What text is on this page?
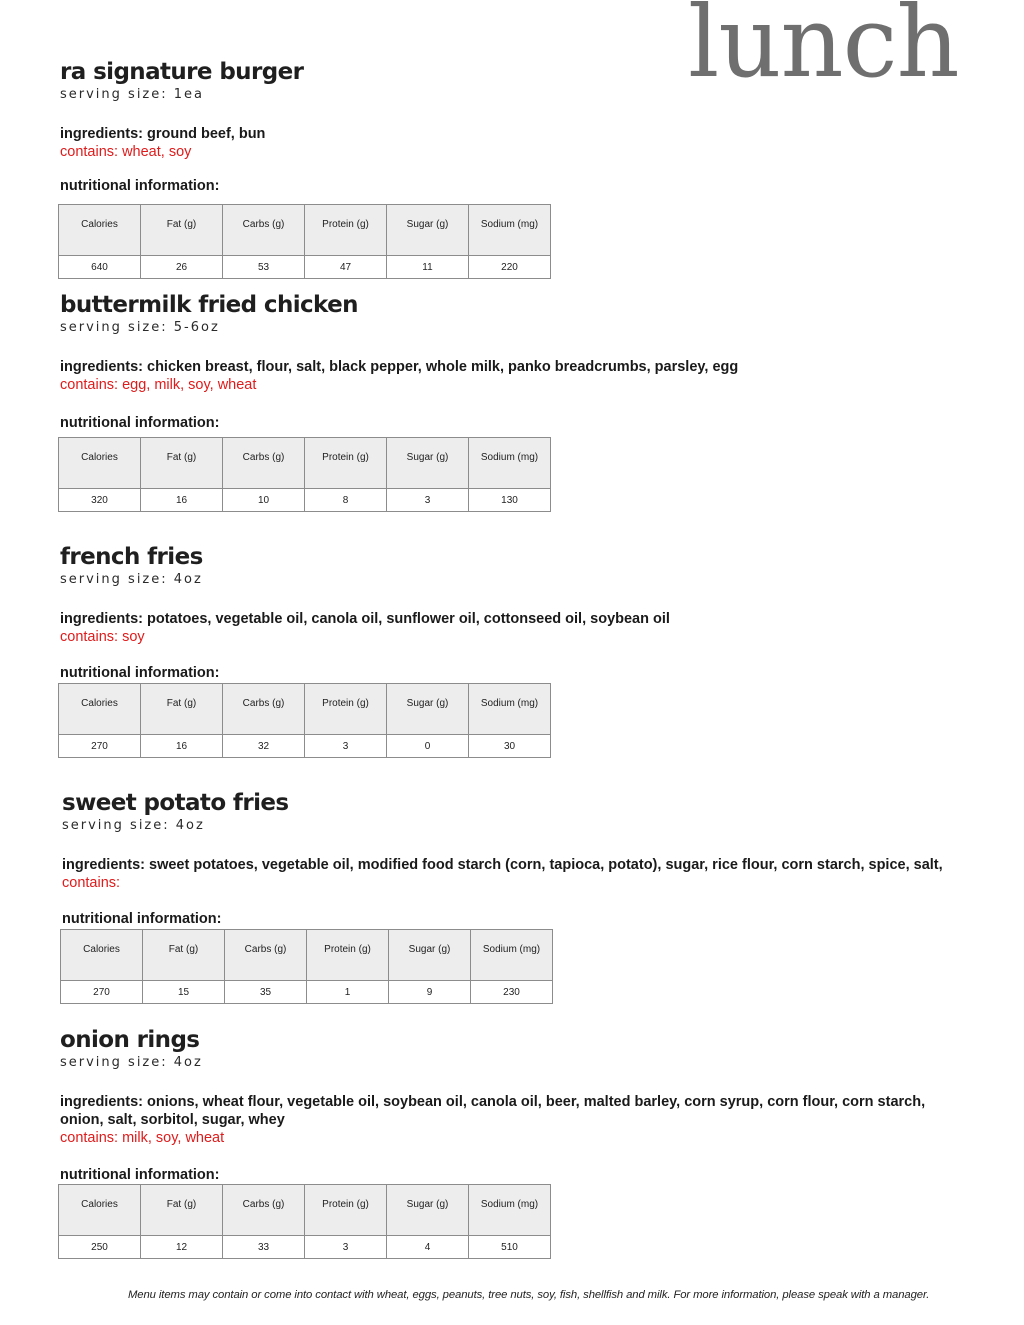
lunch
ra signature burger
serving size: 1ea
ingredients: ground beef, bun
contains: wheat, soy
nutritional information:
Calories	Fat (g)	Carbs (g)	Protein (g)	Sugar (g)	Sodium (mg)
640	26	53	47	11	220
buttermilk fried chicken
serving size: 5-6oz
ingredients: chicken breast, flour, salt, black pepper, whole milk, panko breadcrumbs, parsley, egg
contains: egg, milk, soy, wheat
nutritional information:
Calories	Fat (g)	Carbs (g)	Protein (g)	Sugar (g)	Sodium (mg)
320	16	10	8	3	130
french fries
serving size: 4oz
ingredients: potatoes, vegetable oil, canola oil, sunflower oil, cottonseed oil, soybean oil
contains: soy
nutritional information:
Calories	Fat (g)	Carbs (g)	Protein (g)	Sugar (g)	Sodium (mg)
270	16	32	3	0	30
sweet potato fries
serving size: 4oz
ingredients: sweet potatoes, vegetable oil, modified food starch (corn, tapioca, potato), sugar, rice flour, corn starch, spice, salt,
contains:
nutritional information:
Calories	Fat (g)	Carbs (g)	Protein (g)	Sugar (g)	Sodium (mg)
270	15	35	1	9	230
onion rings
serving size: 4oz
ingredients: onions, wheat flour, vegetable oil, soybean oil, canola oil, beer, malted barley, corn syrup, corn flour, corn starch, onion, salt, sorbitol, sugar, whey
contains: milk, soy, wheat
nutritional information:
Calories	Fat (g)	Carbs (g)	Protein (g)	Sugar (g)	Sodium (mg)
250	12	33	3	4	510
Menu items may contain or come into contact with wheat, eggs, peanuts, tree nuts, soy, fish, shellfish and milk. For more information, please speak with a manager.
